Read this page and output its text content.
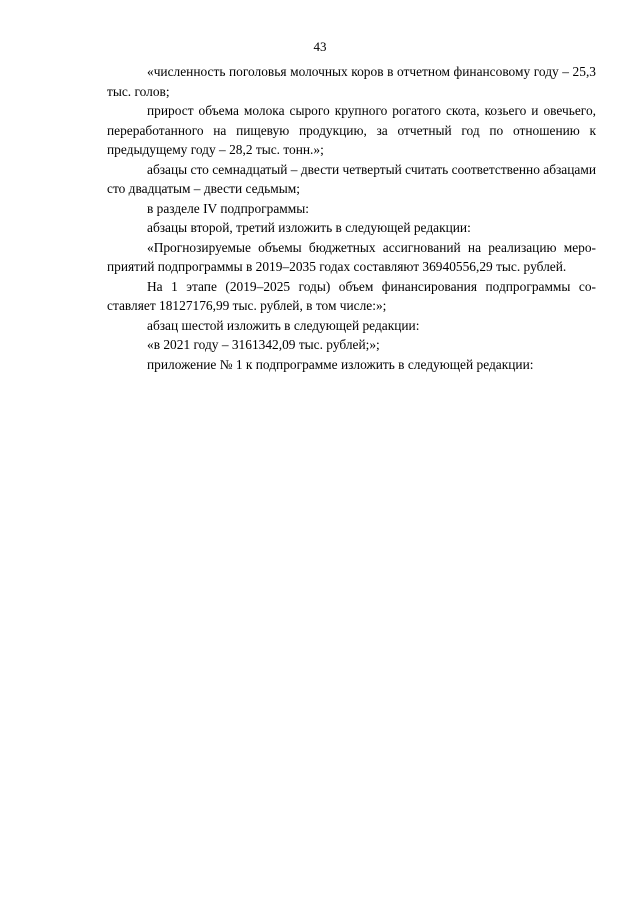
43

«численность поголовья молочных коров в отчетном финансовому году – 25,3 тыс. голов;

прирост объема молока сырого крупного рогатого скота, козьего и овечьего, переработанного на пищевую продукцию, за отчетный год по отношению к предыдущему году – 28,2 тыс. тонн.»;

абзацы сто семнадцатый – двести четвертый считать соответственно абзацами сто двадцатым – двести седьмым;

в разделе IV подпрограммы:

абзацы второй, третий изложить в следующей редакции:

«Прогнозируемые объемы бюджетных ассигнований на реализацию мероприятий подпрограммы в 2019–2035 годах составляют 36940556,29 тыс. рублей.

На 1 этапе (2019–2025 годы) объем финансирования подпрограммы составляет 18127176,99 тыс. рублей, в том числе:»;

абзац шестой изложить в следующей редакции:

«в 2021 году – 3161342,09 тыс. рублей;»;

приложение № 1 к подпрограмме изложить в следующей редакции:
